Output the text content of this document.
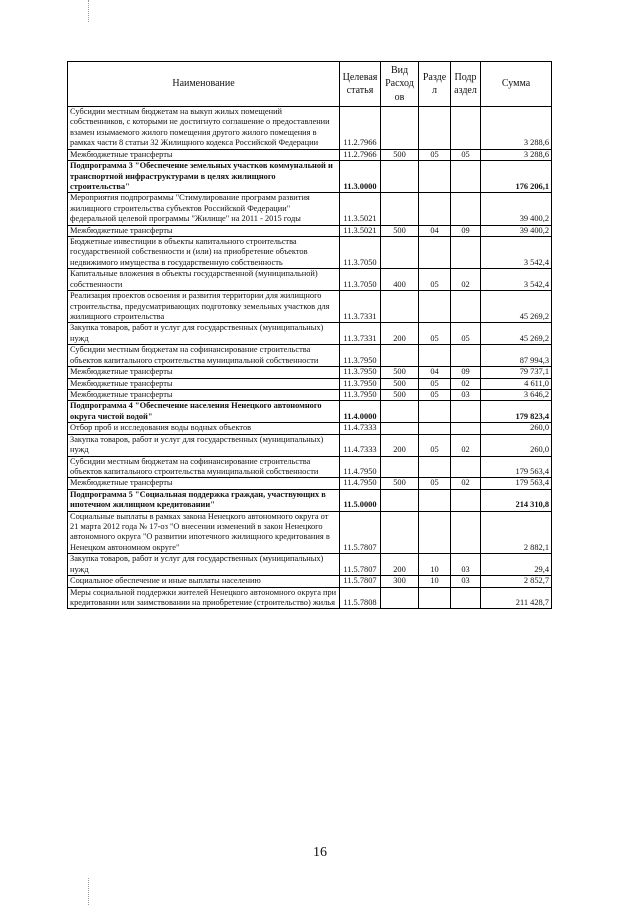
Наименование	Целевая статья	Вид Расход ов	Разде л	Подр аздел	Сумма
Субсидии местным бюджетам на выкуп жилых помещений собственников, с которыми не достигнуто соглашение о предоставлении взамен изымаемого жилого помещения другого жилого помещения в рамках части 8 статьи 32 Жилищного кодекса Российской Федерации	11.2.7966				3 288,6
Межбюджетные трансферты	11.2.7966	500	05	05	3 288,6
Подпрограмма 3 "Обеспечение земельных участков коммунальной и транспортной инфраструктурами в целях жилищного строительства"	11.3.0000				176 206,1
Мероприятия подпрограммы "Стимулирование программ развития жилищного строительства субъектов Российской Федерации" федеральной целевой программы "Жилище" на 2011 - 2015 годы	11.3.5021				39 400,2
Межбюджетные трансферты	11.3.5021	500	04	09	39 400,2
Бюджетные инвестиции в объекты капитального строительства государственной собственности и (или) на приобретение объектов недвижимого имущества в государственную собственность	11.3.7050				3 542,4
Капитальные вложения в объекты государственной (муниципальной) собственности	11.3.7050	400	05	02	3 542,4
Реализация проектов освоения и развития территории для жилищного строительства, предусматривающих подготовку земельных участков для жилищного строительства	11.3.7331				45 269,2
Закупка товаров, работ и услуг для государственных (муниципальных) нужд	11.3.7331	200	05	05	45 269,2
Субсидии местным бюджетам на софинансирование строительства объектов капитального строительства муниципальной собственности	11.3.7950				87 994,3
Межбюджетные трансферты	11.3.7950	500	04	09	79 737,1
Межбюджетные трансферты	11.3.7950	500	05	02	4 611,0
Межбюджетные трансферты	11.3.7950	500	05	03	3 646,2
Подпрограмма 4 "Обеспечение населения Ненецкого автономного округа чистой водой"	11.4.0000				179 823,4
Отбор проб и исследования воды водных объектов	11.4.7333				260,0
Закупка товаров, работ и услуг для государственных (муниципальных) нужд	11.4.7333	200	05	02	260,0
Субсидии местным бюджетам на софинансирование строительства объектов капитального строительства муниципальной собственности	11.4.7950				179 563,4
Межбюджетные трансферты	11.4.7950	500	05	02	179 563,4
Подпрограмма 5 "Социальная поддержка граждан, участвующих в ипотечном жилищном кредитовании"	11.5.0000				214 310,8
Социальные выплаты в рамках закона Ненецкого автономного округа от 21 марта 2012 года № 17-оз "О внесении изменений в закон Ненецкого автономного округа "О развитии ипотечного жилищного кредитования в Ненецком автономном округе"	11.5.7807				2 882,1
Закупка товаров, работ и услуг для государственных (муниципальных) нужд	11.5.7807	200	10	03	29,4
Социальное обеспечение и иные выплаты населению	11.5.7807	300	10	03	2 852,7
Меры социальной поддержки жителей Ненецкого автономного округа при кредитовании или заимствовании на приобретение (строительство) жилья	11.5.7808				211 428,7
16
